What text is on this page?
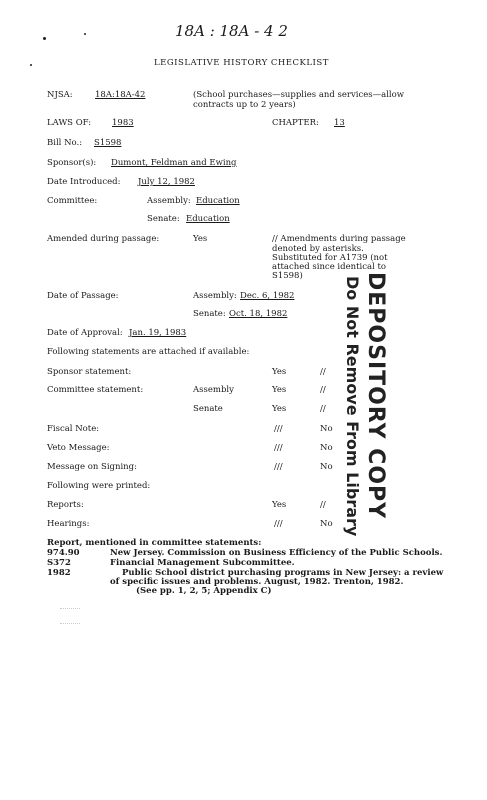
18A : 18A - 4 2
LEGISLATIVE HISTORY CHECKLIST
NJSA:	18A:18A-42	(School purchases—supplies and services—allow
contracts up to 2 years)
LAWS OF: 1983	CHAPTER: 13
Bill No.: S1598
Sponsor(s): Dumont, Feldman and Ewing
Date Introduced: July 12, 1982
Committee:	Assembly: Education
Senate: Education
Amended during passage:	Yes	// Amendments during passage
denoted by asterisks.
Substituted for A1739 (not
attached since identical to
S1598)
Date of Passage:	Assembly: Dec. 6, 1982
Senate: Oct. 18, 1982
Date of Approval: Jan. 19, 1983
Following statements are attached if available:
Sponsor statement:	Yes	//
Committee statement:	Assembly	Yes	//
Senate	Yes	//
Fiscal Note:	///	No
Veto Message:	///	No
Message on Signing:	///	No
Following were printed:
Reports:	Yes	//
Hearings:	///	No
Report, mentioned in committee statements:
974.90	New Jersey. Commission on Business Efficiency of the Public Schools.
S372	Financial Management Subcommittee.
1982	Public School district purchasing programs in New Jersey: a review
of specific issues and problems. August, 1982. Trenton, 1982.
(See pp. 1, 2, 5; Appendix C)
DEPOSITORY COPY
Do Not Remove From Library
